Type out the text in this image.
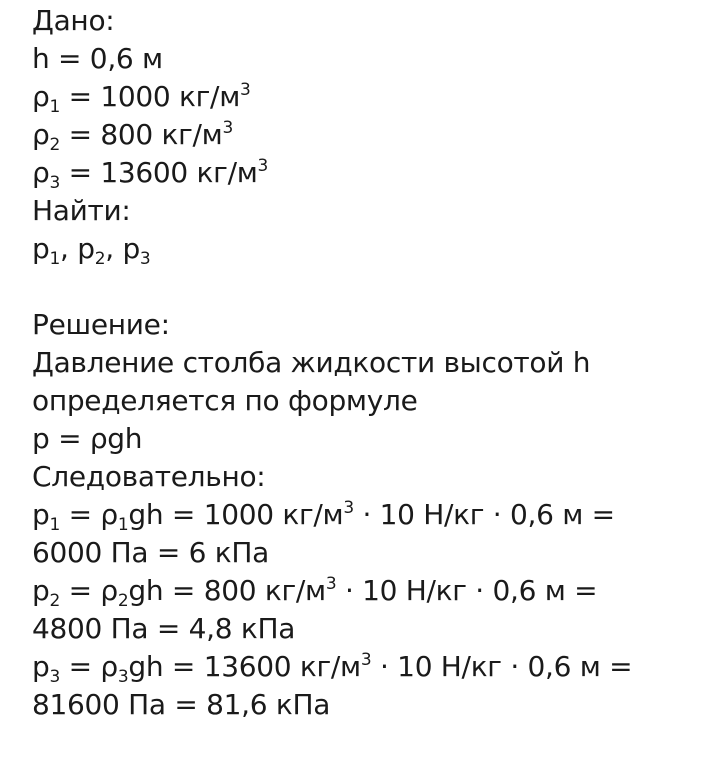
Дано:
h = 0,6 м
$\rho_1 = 1000$ $кг/м^3$
$\rho_2 = 800$ $кг/м^3$
$\rho_3 = 13600$ $кг/м^3$
Найти:
$p_1$, $p_2$, $p_3$
Решение:
Давление столба жидкости высотой h
определяется по формуле
p = ρgh
Следовательно:
$p_1 = \rho_1gh = 1000$ $кг/м^3 \cdot 10$ Н/кг · 0,6 м =
6000 Па = 6 кПа
$p_2 = \rho_2gh = 800$ $кг/м^3 \cdot 10$ Н/кг · 0,6 м =
4800 Па = 4,8 кПа
$p_3 = \rho_3gh = 13600$ $кг/м^3 \cdot 10$ Н/кг · 0,6 м =
81600 Па = 81,6 кПа
